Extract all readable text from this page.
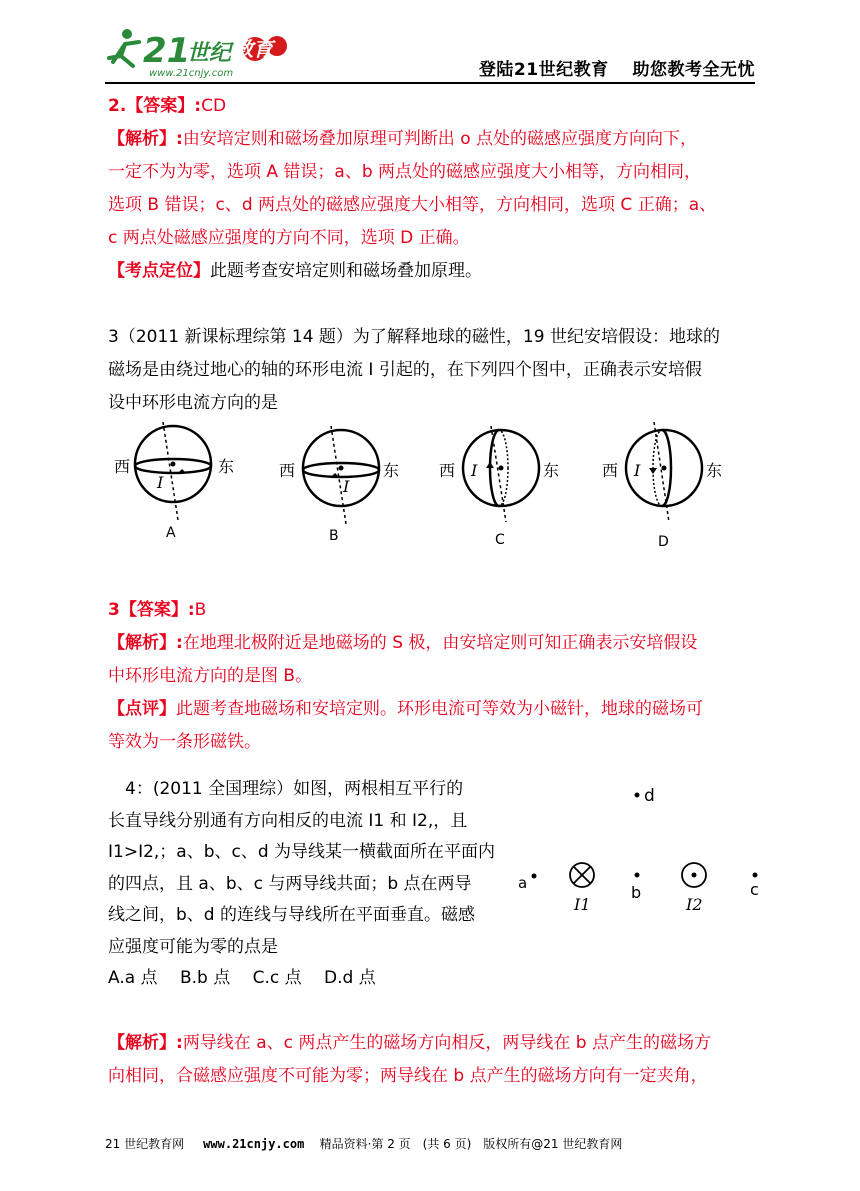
21
世纪 教育
www.21cnjy.com	登陆21世纪教育　 助您教考全无忧
2.【答案】:CD
【解析】:由安培定则和磁场叠加原理可判断出 o 点处的磁感应强度方向向下，
一定不为为零，选项 A 错误；a、b 两点处的磁感应强度大小相等，方向相同，
选项 B 错误；c、d 两点处的磁感应强度大小相等，方向相同，选项 C 正确；a、
c 两点处磁感应强度的方向不同，选项 D 正确。
【考点定位】此题考查安培定则和磁场叠加原理。
3（2011 新课标理综第 14 题）为了解释地球的磁性，19 世纪安培假设：地球的
磁场是由绕过地心的轴的环形电流 I 引起的，在下列四个图中，正确表示安培假
设中环形电流方向的是
西	东
I
A
西	东
I
B
西	东
I
C
西	东
I
D
3【答案】:B
【解析】:在地理北极附近是地磁场的 S 极，由安培定则可知正确表示安培假设
中环形电流方向的是图 B。
【点评】此题考查地磁场和安培定则。环形电流可等效为小磁针，地球的磁场可
等效为一条形磁铁。
　4：(2011 全国理综）如图，两根相互平行的
长直导线分别通有方向相反的电流 I1 和 I2,，且
I1>I2,；a、b、c、d 为导线某一横截面所在平面内
的四点，且 a、b、c 与两导线共面；b 点在两导
线之间，b、d 的连线与导线所在平面垂直。磁感
应强度可能为零的点是
A.a 点　 B.b 点　 C.c 点　 D.d 点
d
a
I1
b
I2
c
【解析】:两导线在 a、c 两点产生的磁场方向相反，两导线在 b 点产生的磁场方
向相同，合磁感应强度不可能为零；两导线在 b 点产生的磁场方向有一定夹角，
21 世纪教育网 www.21cnjy.com 精品资料·第 2 页　(共 6 页)　版权所有@21 世纪教育网
